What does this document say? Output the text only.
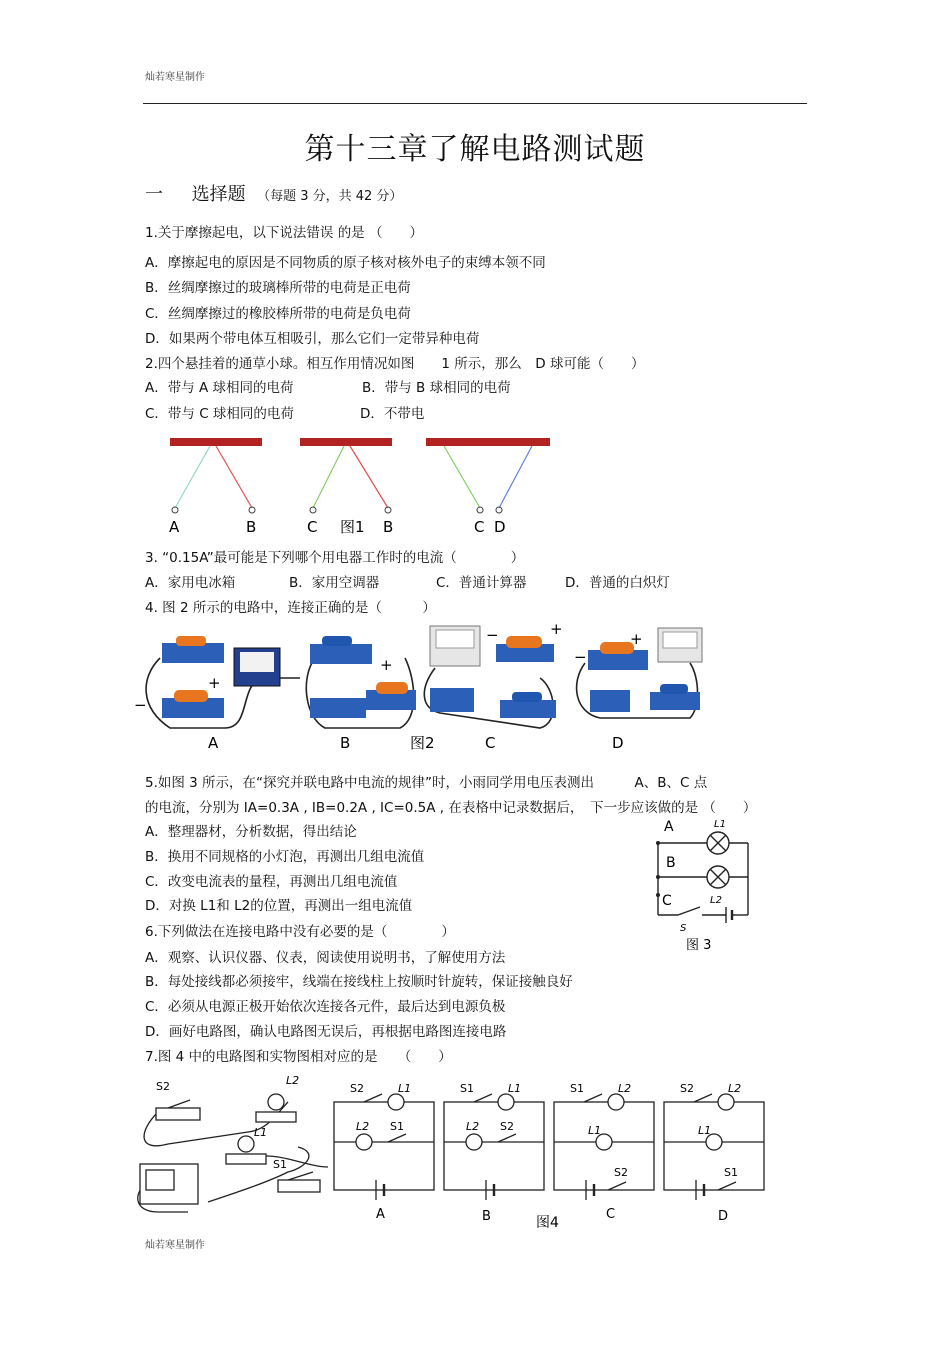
灿若寒星制作
第十三章了解电路测试题
一 选择题 （每题 3 分，共 42 分）
1.关于摩擦起电，以下说法错误 的是 （　　）
A．摩擦起电的原因是不同物质的原子核对核外电子的束缚本领不同
B．丝绸摩擦过的玻璃棒所带的电荷是正电荷
C．丝绸摩擦过的橡胶棒所带的电荷是负电荷
D．如果两个带电体互相吸引，那么它们一定带异种电荷
2.四个悬挂着的通草小球。相互作用情况如图　　1 所示，那么　D 球可能（　　）
A．带与 A 球相同的电荷	B．带与 B 球相同的电荷
C．带与 C 球相同的电荷	D．不带电
A	B	C 图1 B	C D
3. “0.15A”最可能是下列哪个用电器工作时的电流（　　　　）
A．家用电冰箱	B．家用空调器	C．普通计算器	D．普通的白炽灯
4. 图 2 所示的电路中，连接正确的是（　　　）
+
−
A
+
B	图2
+
−
C
+
−
D
5.如图 3 所示，在“探究并联电路中电流的规律”时，小雨同学用电压表测出　　　A、B、C 点
的电流，分别为 IA=0.3A , IB=0.2A , IC=0.5A , 在表格中记录数据后，　下一步应该做的是 （　　）
A．整理器材，分析数据，得出结论
B．换用不同规格的小灯泡，再测出几组电流值
C．改变电流表的量程，再测出几组电流值
D．对换 L1和 L2的位置，再测出一组电流值
A
B
C
L1
L2
S
图 3
6.下列做法在连接电路中没有必要的是（　　　　）
A．观察、认识仪器、仪表，阅读使用说明书，了解使用方法
B．每处接线都必须接牢，线端在接线柱上按顺时针旋转，保证接触良好
C．必须从电源正极开始依次连接各元件，最后达到电源负极
D．画好电路图，确认电路图无误后，再根据电路图连接电路
7.图 4 中的电路图和实物图相对应的是　　（　　）
S2	L2
L1
S1
S2	L1
L2 S1
A
S1	L1
L2 S2
B	图4
S1	L2
L1
S2
C
S2	L2
L1
S1
D
灿若寒星制作
